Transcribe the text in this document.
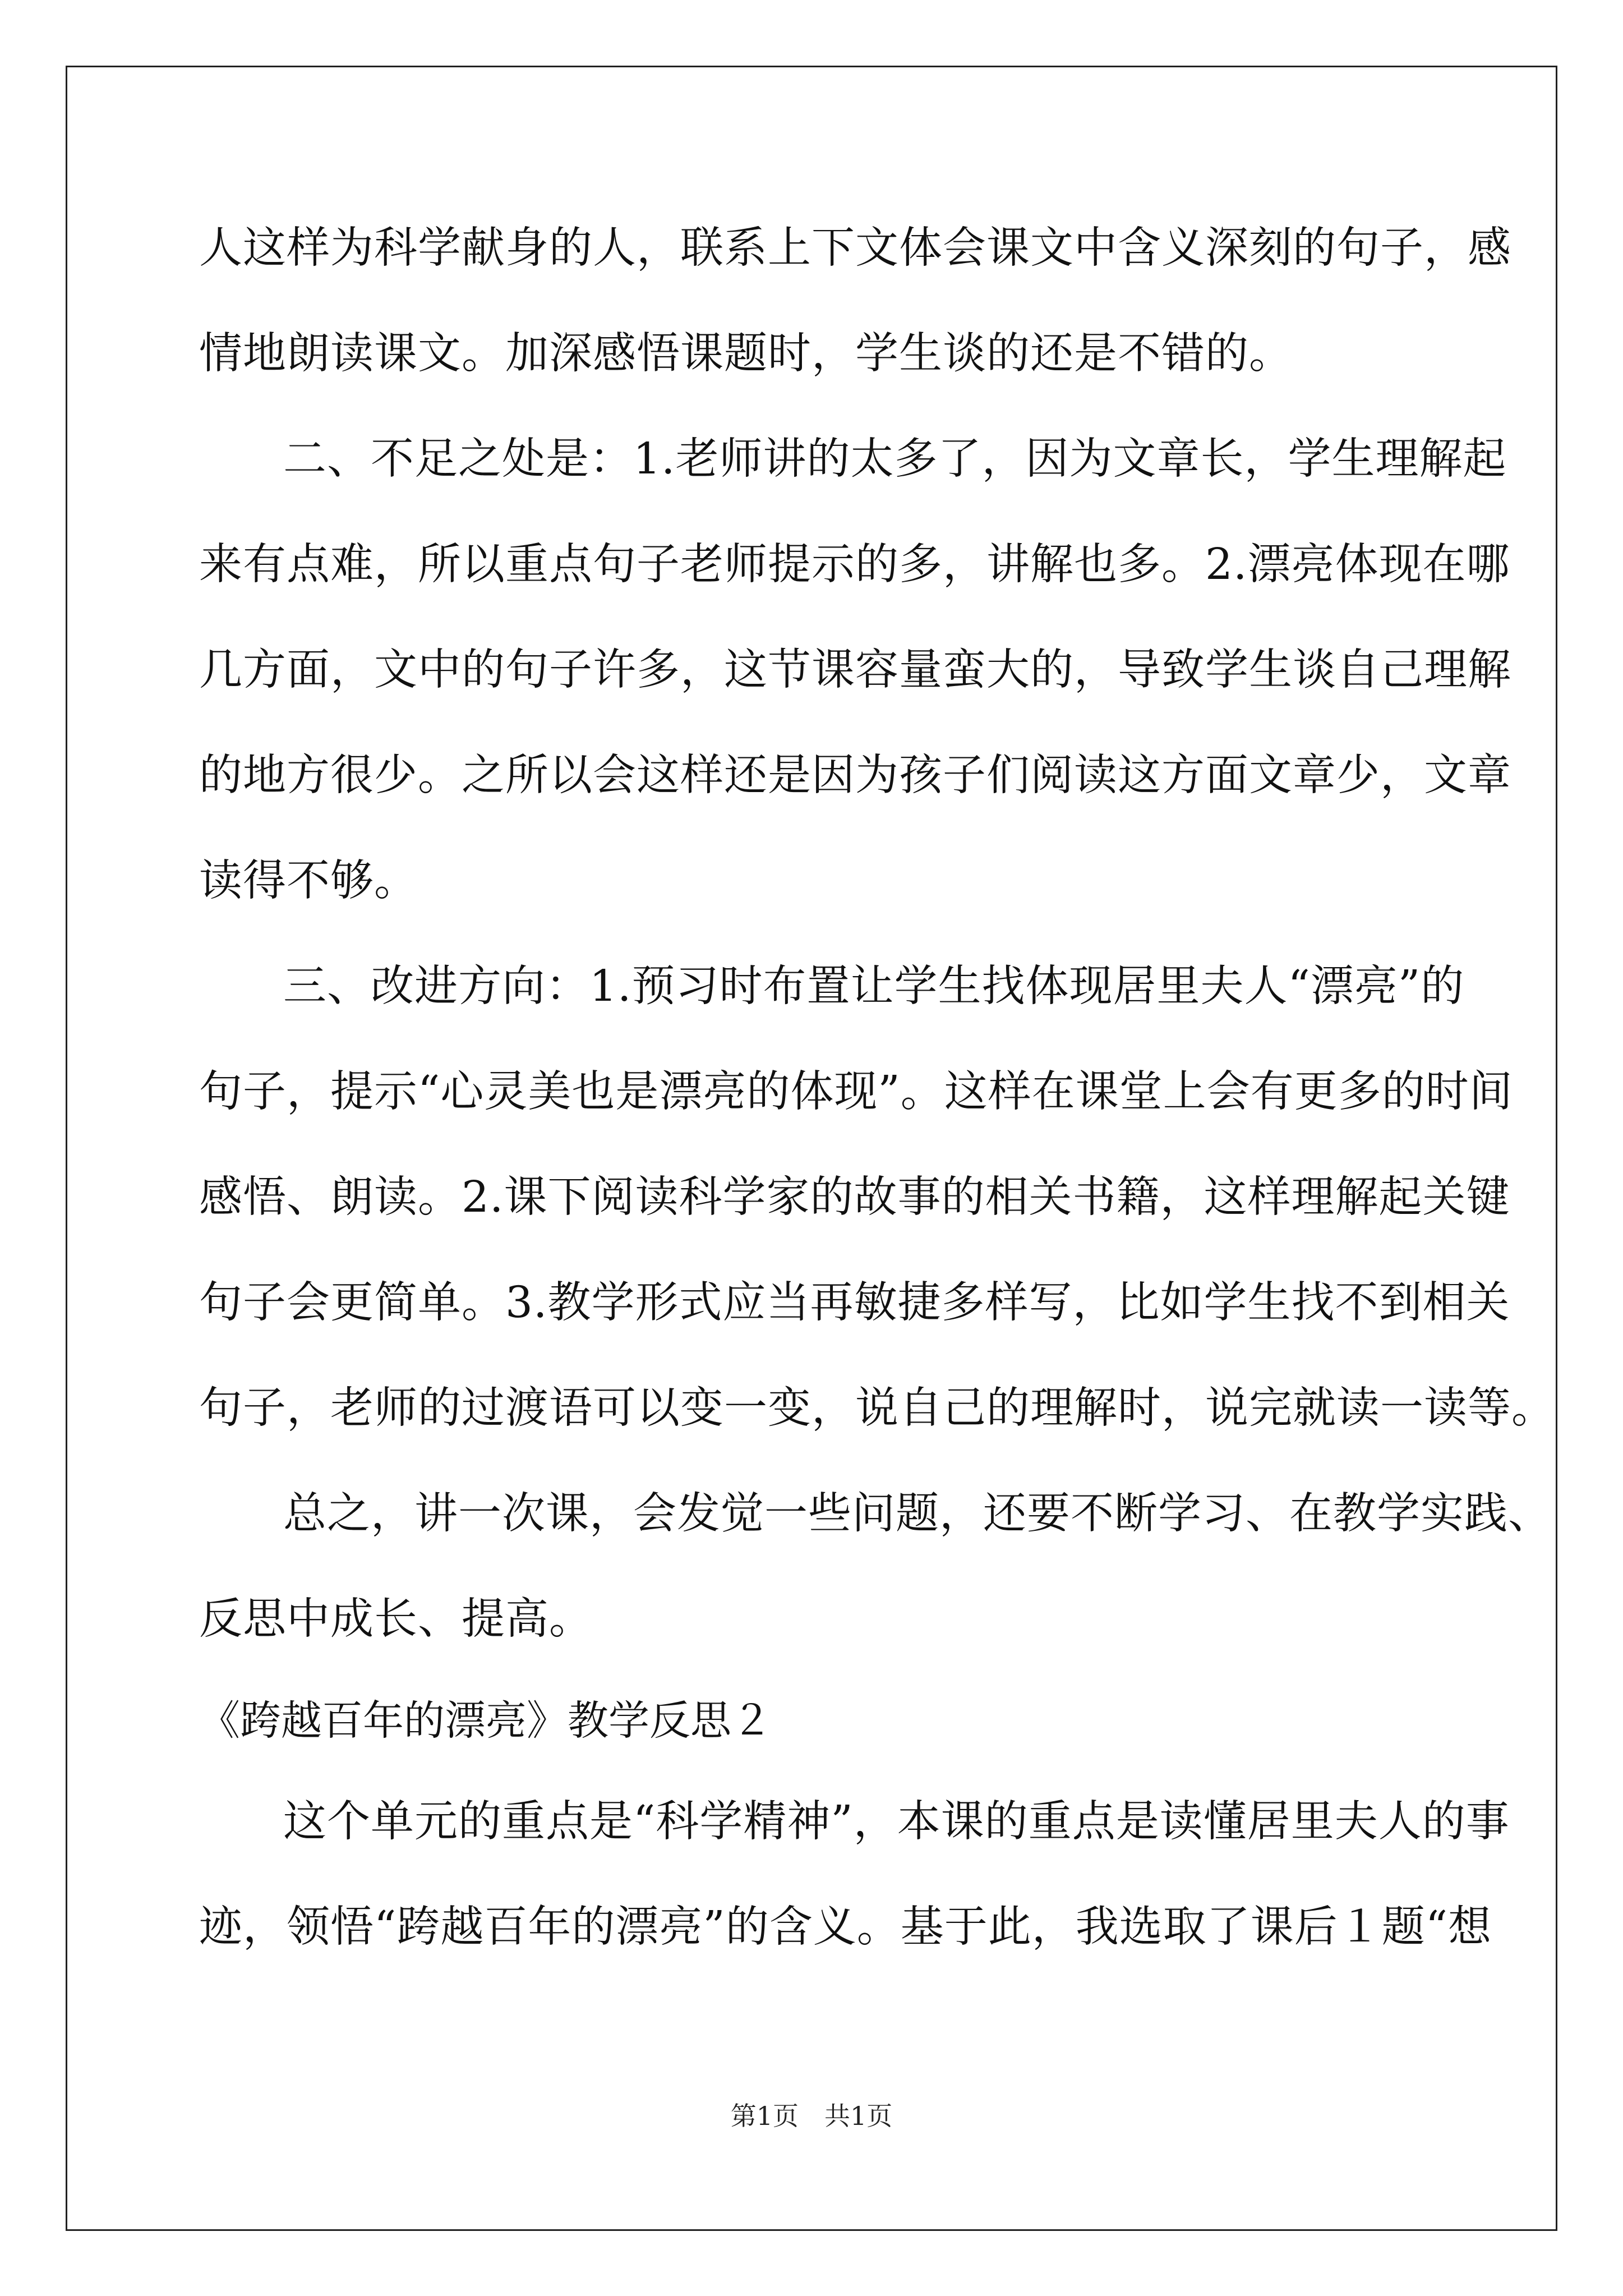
人这样为科学献身的人，联系上下文体会课文中含义深刻的句子，感
情地朗读课文。加深感悟课题时，学生谈的还是不错的。
二、不足之处是：1.老师讲的太多了，因为文章长，学生理解起
来有点难，所以重点句子老师提示的多，讲解也多。2.漂亮体现在哪
几方面，文中的句子许多，这节课容量蛮大的，导致学生谈自己理解
的地方很少。之所以会这样还是因为孩子们阅读这方面文章少，文章
读得不够。
三、改进方向：1.预习时布置让学生找体现居里夫人“漂亮”的
句子，提示“心灵美也是漂亮的体现”。这样在课堂上会有更多的时间
感悟、朗读。2.课下阅读科学家的故事的相关书籍，这样理解起关键
句子会更简单。3.教学形式应当再敏捷多样写，比如学生找不到相关
句子，老师的过渡语可以变一变，说自己的理解时，说完就读一读等。
总之，讲一次课，会发觉一些问题，还要不断学习、在教学实践、
反思中成长、提高。
《跨越百年的漂亮》教学反思２
这个单元的重点是“科学精神”，本课的重点是读懂居里夫人的事
迹，领悟“跨越百年的漂亮”的含义。基于此，我选取了课后１题“想
第1页　共1页
